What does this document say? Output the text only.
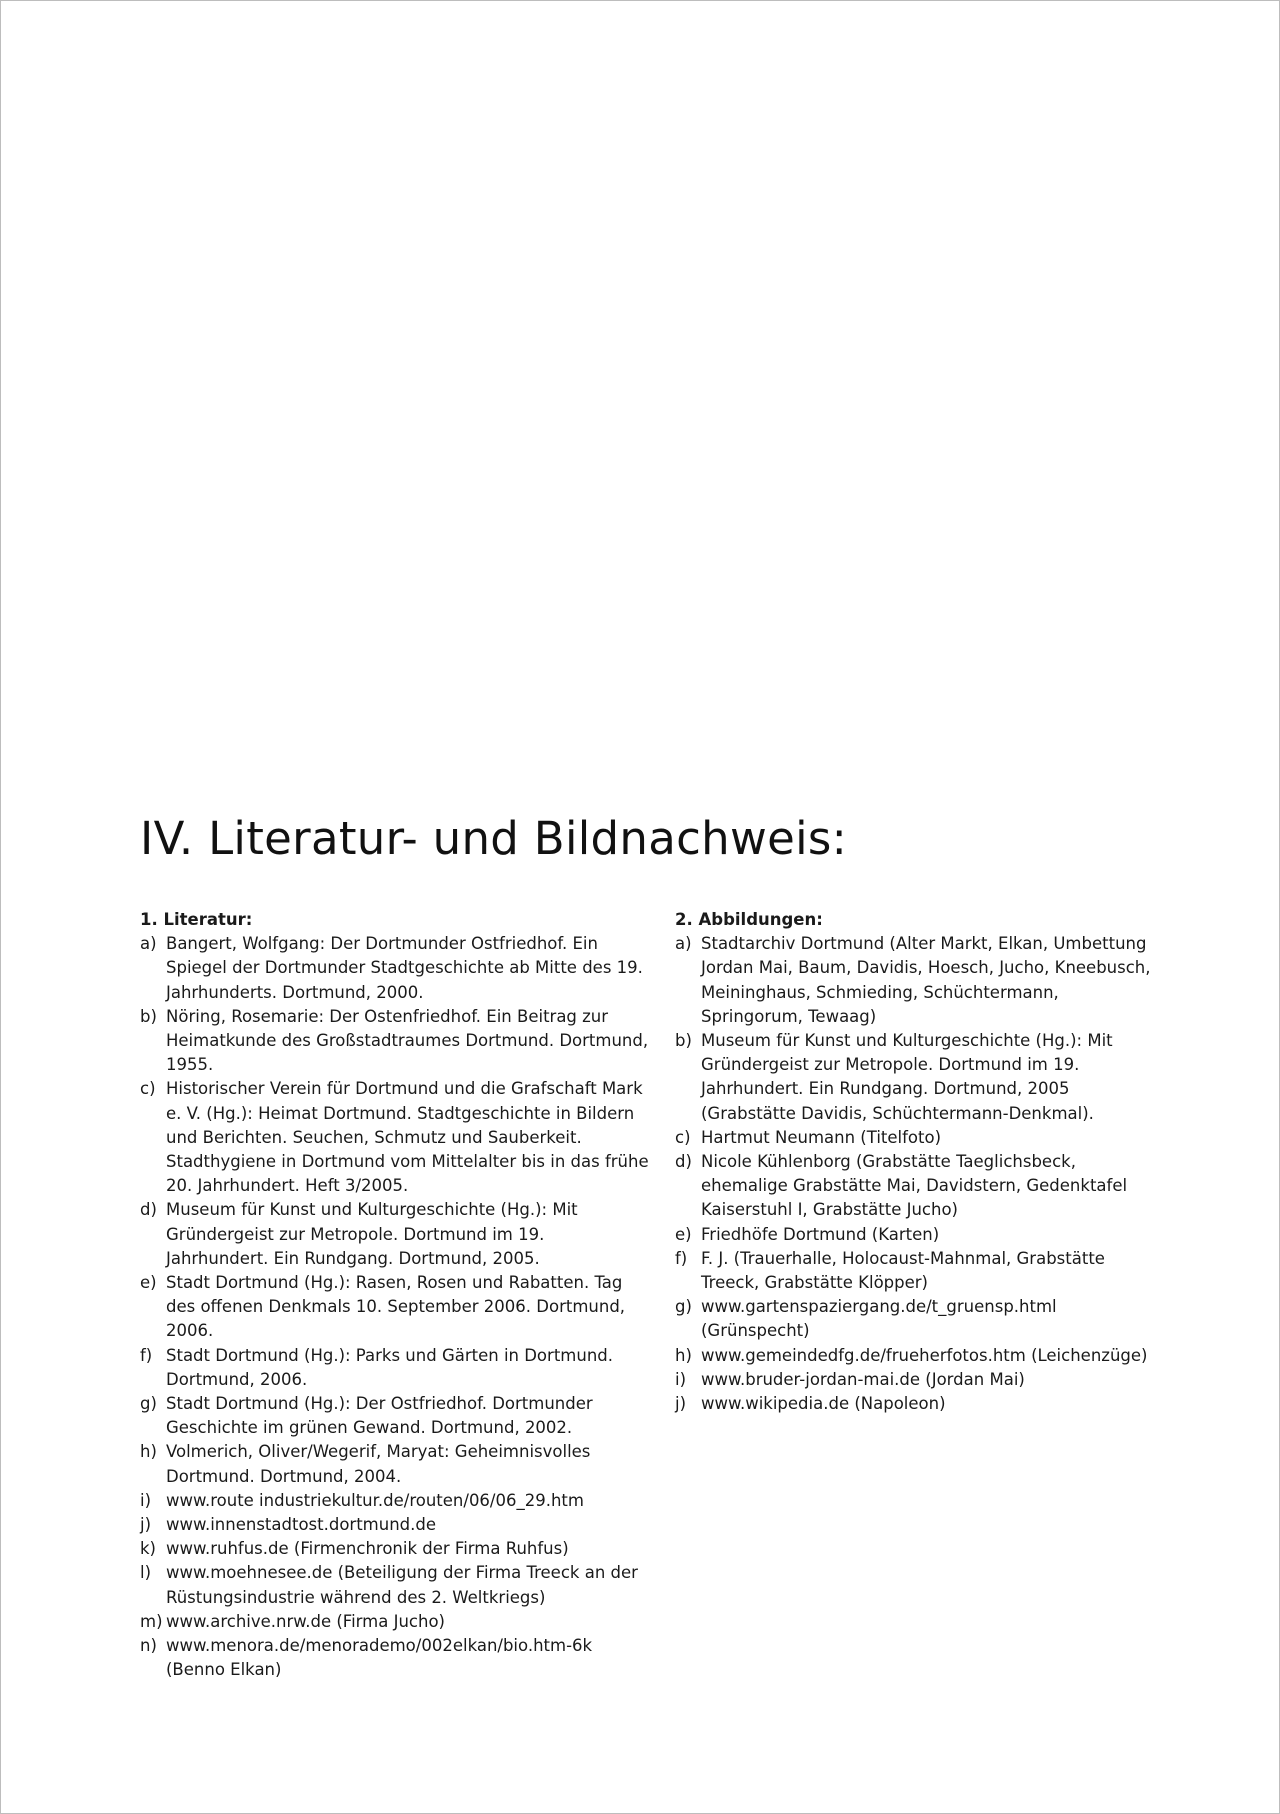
IV. Literatur- und Bildnachweis:
1. Literatur:
a) Bangert, Wolfgang: Der Dortmunder Ostfriedhof. Ein Spiegel der Dortmunder Stadtgeschichte ab Mitte des 19. Jahrhunderts. Dortmund, 2000.
b) Nöring, Rosemarie: Der Ostenfriedhof. Ein Beitrag zur Heimatkunde des Großstadtraumes Dortmund. Dortmund, 1955.
c) Historischer Verein für Dortmund und die Grafschaft Mark e. V. (Hg.): Heimat Dortmund. Stadtgeschichte in Bildern und Berichten. Seuchen, Schmutz und Sauberkeit. Stadthygiene in Dortmund vom Mittelalter bis in das frühe 20. Jahrhundert. Heft 3/2005.
d) Museum für Kunst und Kulturgeschichte (Hg.): Mit Gründergeist zur Metropole. Dortmund im 19. Jahrhundert. Ein Rundgang. Dortmund, 2005.
e) Stadt Dortmund (Hg.): Rasen, Rosen und Rabatten. Tag des offenen Denkmals 10. September 2006. Dortmund, 2006.
f) Stadt Dortmund (Hg.): Parks und Gärten in Dortmund. Dortmund, 2006.
g) Stadt Dortmund (Hg.): Der Ostfriedhof. Dortmunder Geschichte im grünen Gewand. Dortmund, 2002.
h) Volmerich, Oliver/Wegerif, Maryat: Geheimnisvolles Dortmund. Dortmund, 2004.
i) www.route industriekultur.de/routen/06/06_29.htm
j) www.innenstadtost.dortmund.de
k) www.ruhfus.de (Firmenchronik der Firma Ruhfus)
l) www.moehnesee.de (Beteiligung der Firma Treeck an der Rüstungsindustrie während des 2. Weltkriegs)
m) www.archive.nrw.de (Firma Jucho)
n) www.menora.de/menorademo/002elkan/bio.htm-6k (Benno Elkan)
2. Abbildungen:
a) Stadtarchiv Dortmund (Alter Markt, Elkan, Umbettung Jordan Mai, Baum, Davidis, Hoesch, Jucho, Kneebusch, Meininghaus, Schmieding, Schüchtermann, Springorum, Tewaag)
b) Museum für Kunst und Kulturgeschichte (Hg.): Mit Gründergeist zur Metropole. Dortmund im 19. Jahrhundert. Ein Rundgang. Dortmund, 2005 (Grabstätte Davidis, Schüchtermann-Denkmal).
c) Hartmut Neumann (Titelfoto)
d) Nicole Kühlenborg (Grabstätte Taeglichsbeck, ehemalige Grabstätte Mai, Davidstern, Gedenktafel Kaiserstuhl I, Grabstätte Jucho)
e) Friedhöfe Dortmund (Karten)
f) F. J. (Trauerhalle, Holocaust-Mahnmal, Grabstätte Treeck, Grabstätte Klöpper)
g) www.gartenspaziergang.de/t_gruensp.html (Grünspecht)
h) www.gemeindedfg.de/frueherfotos.htm (Leichenzüge)
i) www.bruder-jordan-mai.de (Jordan Mai)
j) www.wikipedia.de (Napoleon)
